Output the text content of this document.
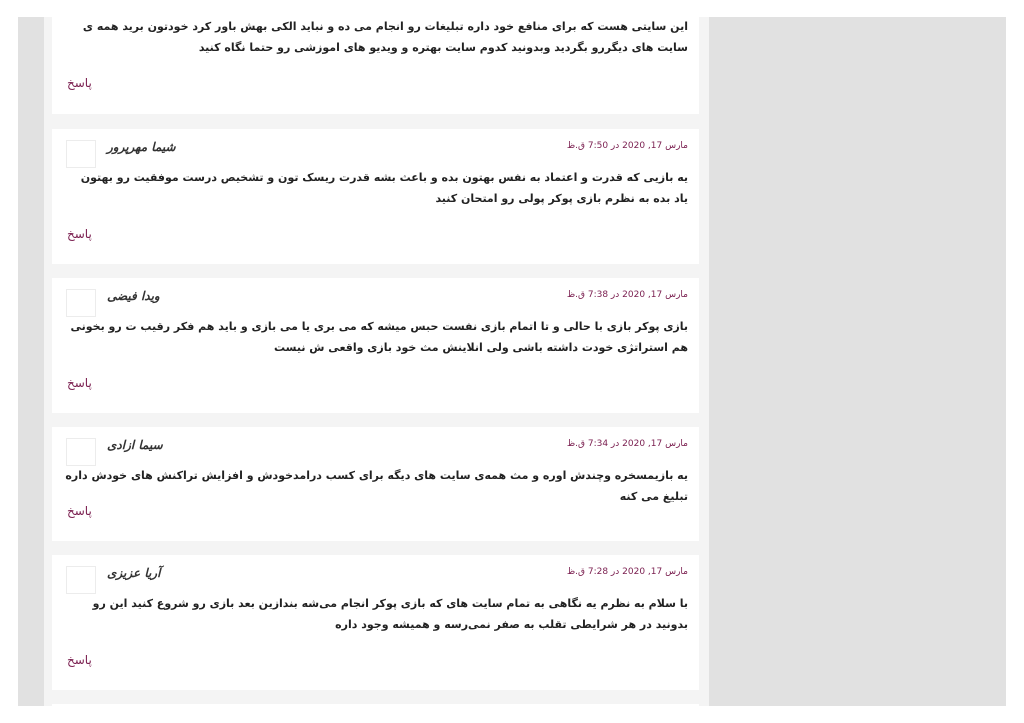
این سایتی هست که برای منافع خود داره تبلیغات رو انجام می ده و نباید الکی بهش باور کرد خودتون برید همه ی سایت های دیگررو بگردید وبدونید کدوم سایت بهتره و ویدیو های اموزشی رو حتما نگاه کنید
پاسخ
شیما مهرپرور	مارس 17, 2020 در 7:50 ق.ظ
یه بازیی که قدرت و اعتماد به نفس بهتون بده و باعث بشه قدرت ریسک تون و تشخیص درست موفقیت رو بهتون یاد بده به نظرم بازی پوکر پولی رو امتحان کنید
پاسخ
ویدا فیضی	مارس 17, 2020 در 7:38 ق.ظ
بازی پوکر بازی با حالی و تا اتمام بازی نفست حبس میشه که می بری یا می بازی و باید هم فکر رقیب ت رو بخونی هم استراتژی خودت داشته باشی ولی انلاینش مث خود بازی واقعی ش نیست
پاسخ
سیما ازادی	مارس 17, 2020 در 7:34 ق.ظ
یه بازیمسخره وچندش اوره و مث همه‌ی سایت های دیگه برای کسب درامدخودش و افزایش تراکنش های خودش داره تبلیغ می کنه
پاسخ
آریا عزیزی	مارس 17, 2020 در 7:28 ق.ظ
با سلام به نظرم یه نگاهی به تمام سایت های که بازی پوکر انجام می‌شه بندازین بعد بازی رو شروع کنید این رو بدونید در هر شرایطی تقلب به صفر نمی‌رسه و همیشه وجود داره
پاسخ
